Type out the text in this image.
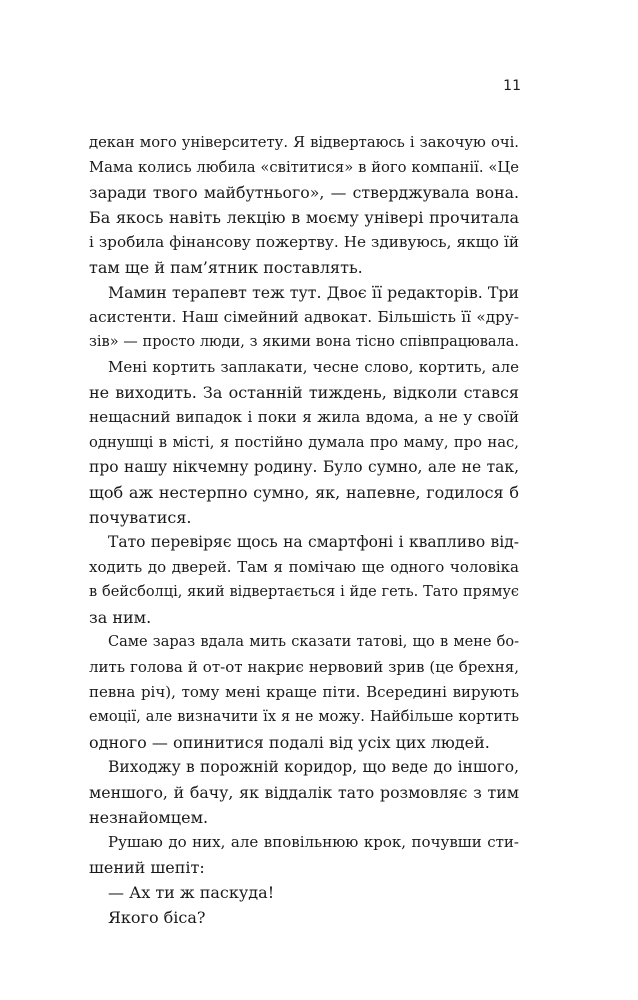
11
декан мого університету. Я відвертаюсь і закочую очі.
Мама колись любила «світитися» в його компанії. «Це
заради твого майбутнього», — стверджувала вона.
Ба якось навіть лекцію в моєму універі прочитала
і зробила фінансову пожертву. Не здивуюсь, якщо їй
там ще й пам’ятник поставлять.
Мамин терапевт теж тут. Двоє її редакторів. Три
асистенти. Наш сімейний адвокат. Більшість її «дру-
зів» — просто люди, з якими вона тісно співпрацювала.
Мені кортить заплакати, чесне слово, кортить, але
не виходить. За останній тиждень, відколи стався
нещасний випадок і поки я жила вдома, а не у своїй
однушці в місті, я постійно думала про маму, про нас,
про нашу нікчемну родину. Було сумно, але не так,
щоб аж нестерпно сумно, як, напевне, годилося б
почуватися.
Тато перевіряє щось на смартфоні і квапливо від-
ходить до дверей. Там я помічаю ще одного чоловіка
в бейсболці, який відвертається і йде геть. Тато прямує
за ним.
Саме зараз вдала мить сказати татові, що в мене бо-
лить голова й от-от накриє нервовий зрив (це брехня,
певна річ), тому мені краще піти. Всередині вирують
емоції, але визначити їх я не можу. Найбільше кортить
одного — опинитися подалі від усіх цих людей.
Виходжу в порожній коридор, що веде до іншого,
меншого, й бачу, як віддалік тато розмовляє з тим
незнайомцем.
Рушаю до них, але вповільнюю крок, почувши сти-
шений шепіт:
— Ах ти ж паскуда!
Якого біса?
